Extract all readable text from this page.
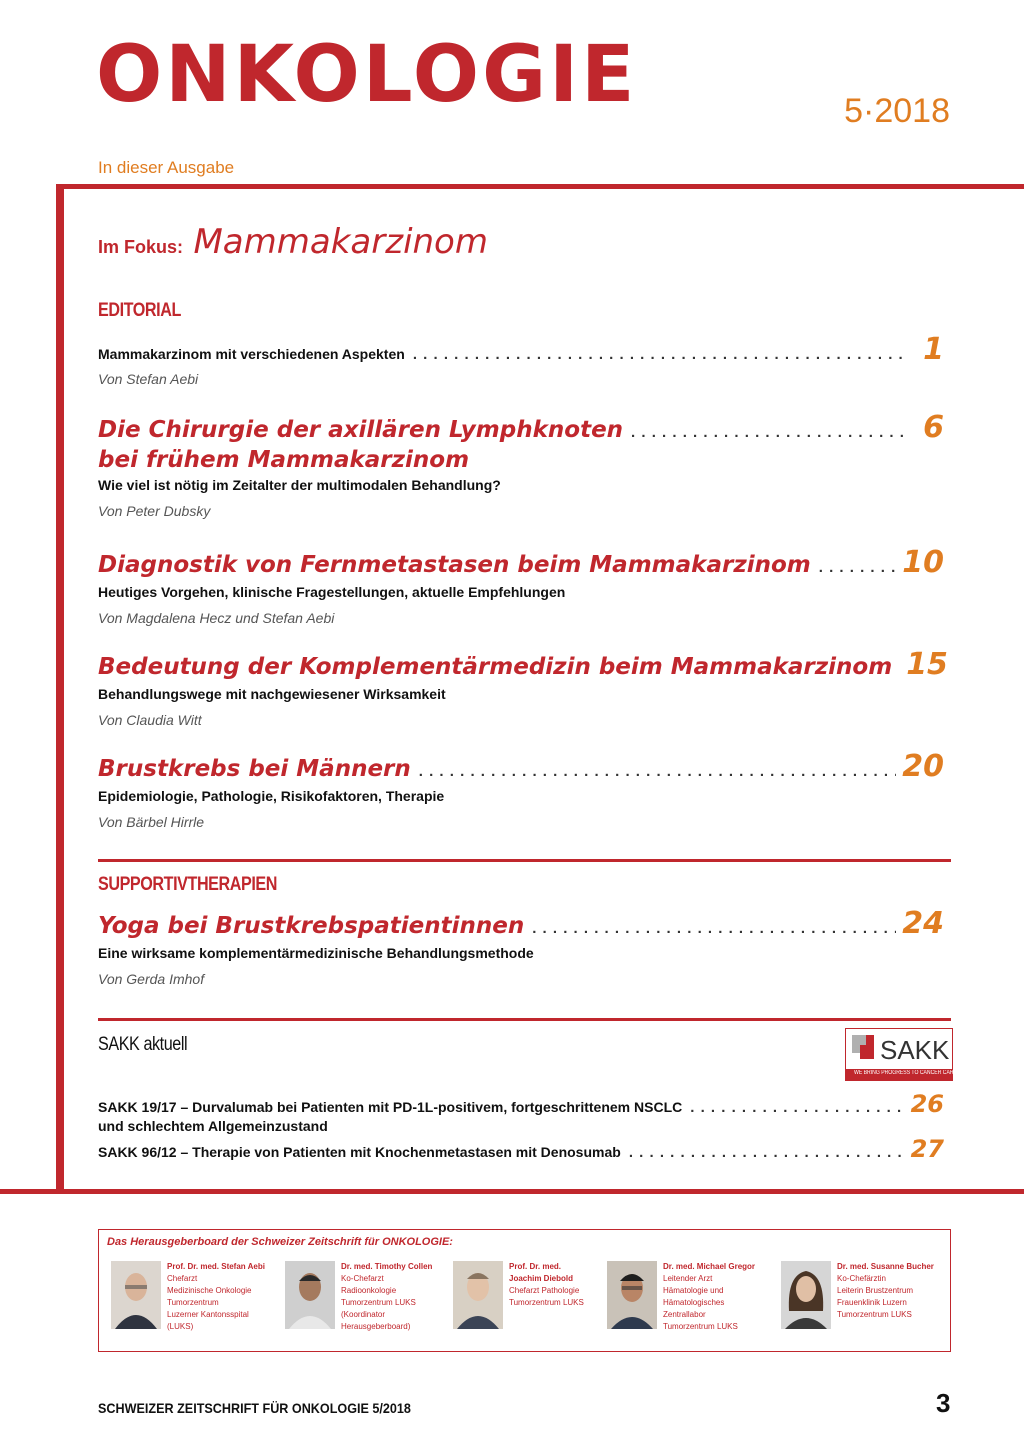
ONKOLOGIE	5·2018
In dieser Ausgabe
Im Fokus: Mammakarzinom
EDITORIAL
Mammakarzinom mit verschiedenen Aspekten . . .	1
Von Stefan Aebi
Die Chirurgie der axillären Lymphknoten . . .	6
bei frühem Mammakarzinom
Wie viel ist nötig im Zeitalter der multimodalen Behandlung?
Von Peter Dubsky
Diagnostik von Fernmetastasen beim Mammakarzinom . . .	10
Heutiges Vorgehen, klinische Fragestellungen, aktuelle Empfehlungen
Von Magdalena Hecz und Stefan Aebi
Bedeutung der Komplementärmedizin beim Mammakarzinom 15
Behandlungswege mit nachgewiesener Wirksamkeit
Von Claudia Witt
Brustkrebs bei Männern . . .	20
Epidemiologie, Pathologie, Risikofaktoren, Therapie
Von Bärbel Hirrle
SUPPORTIVTHERAPIEN
Yoga bei Brustkrebspatientinnen . . .	24
Eine wirksame komplementärmedizinische Behandlungsmethode
Von Gerda Imhof
SAKK aktuell	SAKK
WE BRING PROGRESS TO CANCER CARE
SAKK 19/17 – Durvalumab bei Patienten mit PD-1L-positivem, fortgeschrittenem NSCLC . . .	26
und schlechtem Allgemeinzustand
SAKK 96/12 – Therapie von Patienten mit Knochenmetastasen mit Denosumab . . .	27
Das Herausgeberboard der Schweizer Zeitschrift für ONKOLOGIE:
Prof. Dr. med. Stefan Aebi
Chefarzt
Medizinische Onkologie
Tumorzentrum
Luzerner Kantonsspital
(LUKS)
Dr. med. Timothy Collen
Ko-Chefarzt
Radioonkologie
Tumorzentrum LUKS
(Koordinator
Herausgeberboard)
Prof. Dr. med.
Joachim Diebold
Chefarzt Pathologie
Tumorzentrum LUKS
Dr. med. Michael Gregor
Leitender Arzt
Hämatologie und
Hämatologisches
Zentrallabor
Tumorzentrum LUKS
Dr. med. Susanne Bucher
Ko-Chefärztin
Leiterin Brustzentrum
Frauenklinik Luzern
Tumorzentrum LUKS
SCHWEIZER ZEITSCHRIFT FÜR ONKOLOGIE 5/2018	3
